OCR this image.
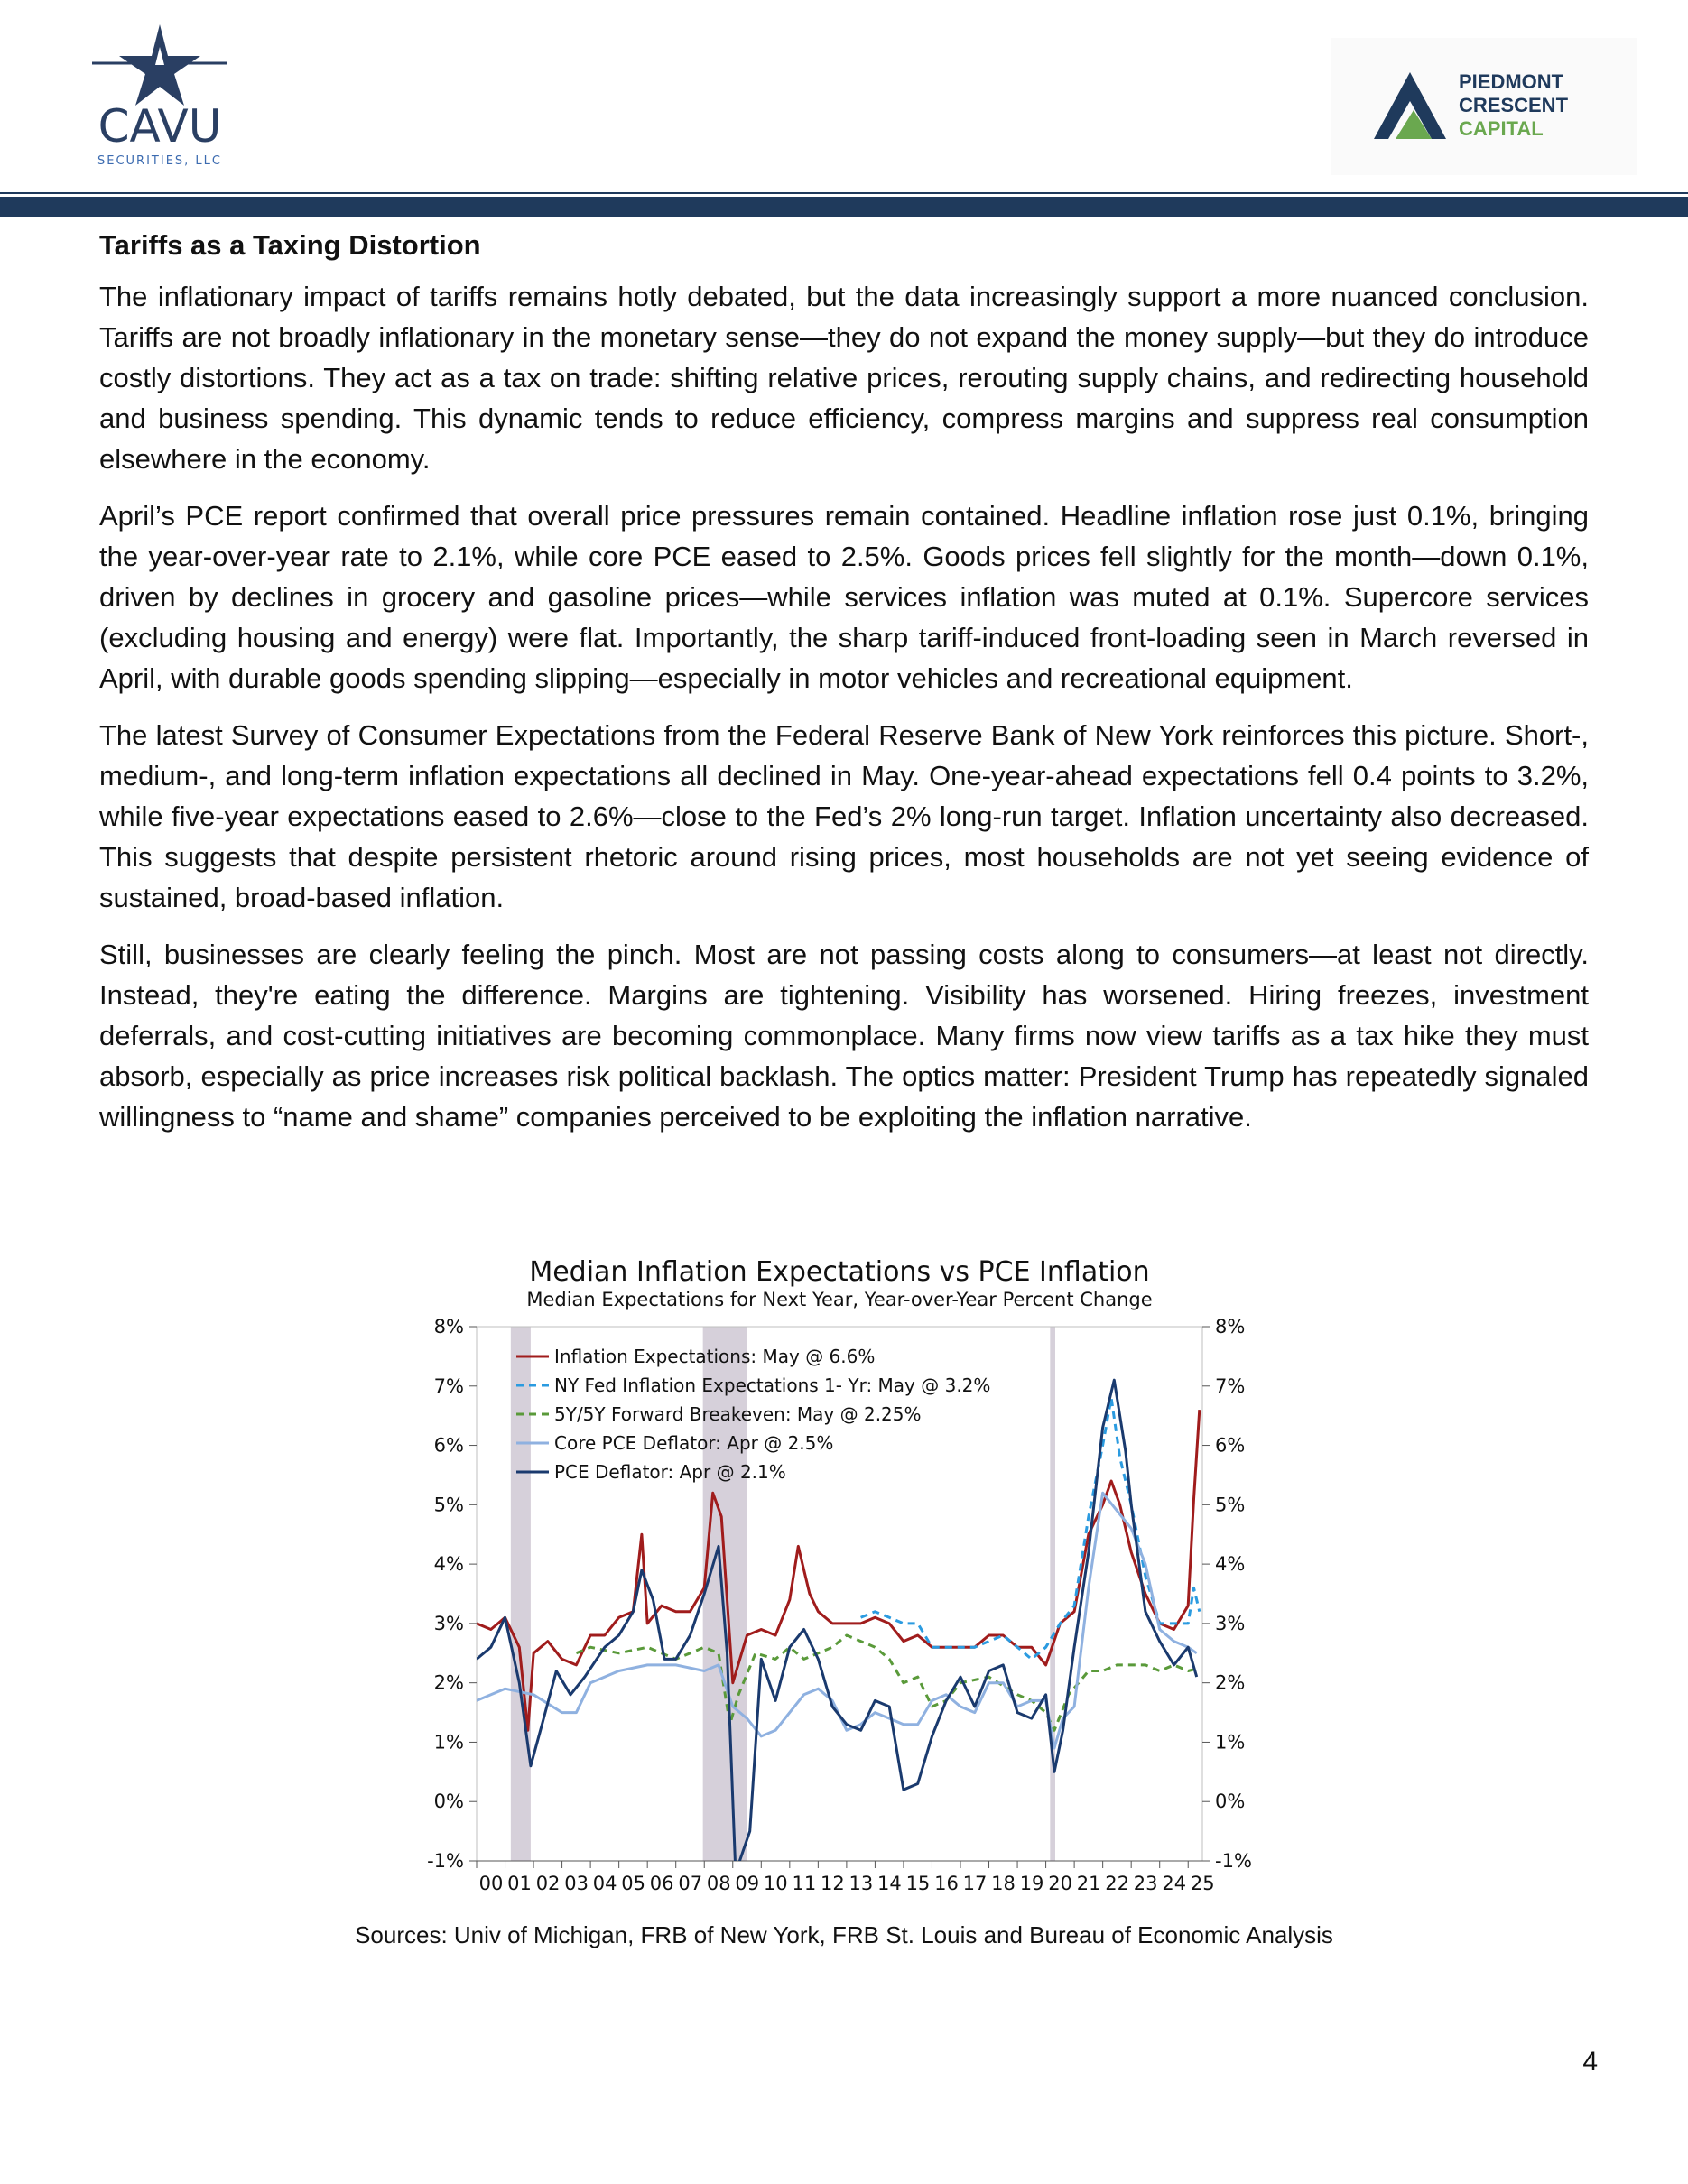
CAVU
SECURITIES, LLC
PIEDMONT
CRESCENT
CAPITAL
Tariffs as a Taxing Distortion

The inflationary impact of tariffs remains hotly debated, but the data increasingly support a more nuanced conclusion. Tariffs are not broadly inflationary in the monetary sense—they do not expand the money supply—but they do introduce costly distortions. They act as a tax on trade: shifting relative prices, rerouting supply chains, and redirecting household and business spending. This dynamic tends to reduce efficiency, compress margins and suppress real consumption elsewhere in the economy.

April’s PCE report confirmed that overall price pressures remain contained. Headline inflation rose just 0.1%, bringing the year-over-year rate to 2.1%, while core PCE eased to 2.5%. Goods prices fell slightly for the month—down 0.1%, driven by declines in grocery and gasoline prices—while services inflation was muted at 0.1%. Supercore services (excluding housing and energy) were flat. Importantly, the sharp tariff-induced front-loading seen in March reversed in April, with durable goods spending slipping—especially in motor vehicles and recreational equipment.

The latest Survey of Consumer Expectations from the Federal Reserve Bank of New York reinforces this picture. Short-, medium-, and long-term inflation expectations all declined in May. One-year-ahead expectations fell 0.4 points to 3.2%, while five-year expectations eased to 2.6%—close to the Fed’s 2% long-run target. Inflation uncertainty also decreased. This suggests that despite persistent rhetoric around rising prices, most households are not yet seeing evidence of sustained, broad-based inflation.

Still, businesses are clearly feeling the pinch. Most are not passing costs along to consumers—at least not directly. Instead, they're eating the difference. Margins are tightening. Visibility has worsened. Hiring freezes, investment deferrals, and cost-cutting initiatives are becoming commonplace. Many firms now view tariffs as a tax hike they must absorb, especially as price increases risk political backlash. The optics matter: President Trump has repeatedly signaled willingness to “name and shame” companies perceived to be exploiting the inflation narrative.

Median Inflation Expectations vs PCE Inflation
Median Expectations for Next Year, Year-over-Year Percent Change
8%	8%
7%	7%
6%	6%
5%	5%
4%	4%
3%	3%
2%	2%
1%	1%
0%	0%
-1%	-1%
00 01 02 03 04 05 06 07 08 09 10 11 12 13 14 15 16 17 18 19 20 21 22 23 24 25
Inflation Expectations: May @ 6.6%
NY Fed Inflation Expectations 1- Yr: May @ 3.2%
5Y/5Y Forward Breakeven: May @ 2.25%
Core PCE Deflator: Apr @ 2.5%
PCE Deflator: Apr @ 2.1%
Sources: Univ of Michigan, FRB of New York, FRB St. Louis and Bureau of Economic Analysis
4
